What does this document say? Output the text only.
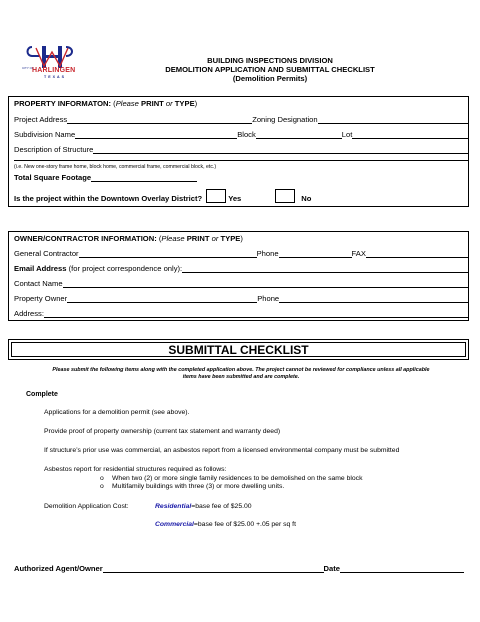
CITY OF
HARLINGEN
TEXAS
BUILDING INSPECTIONS DIVISION
DEMOLITION APPLICATION AND SUBMITTAL CHECKLIST
(Demolition Permits)
PROPERTY INFORMATON: ( Please PRINT or TYPE )
Project Address	Zoning Designation
Subdivision Name	Block	Lot
Description of Structure
(i.e. New one-story frame home, block home, commercial frame, commercial block, etc.)
Total Square Footage
Is the project within the Downtown Overlay District?	Yes	No
OWNER/CONTRACTOR INFORMATION: ( Please PRINT or TYPE )
General Contractor	Phone	FAX
Email Address (for project correspondence only):
Contact Name
Property Owner	Phone
Address:
SUBMITTAL CHECKLIST
Please submit the following items along with the completed application above. The project cannot be reviewed for compliance unless all applicable
items have been submitted and are complete.
Complete
Applications for a demolition permit (see above).
Provide proof of property ownership (current tax statement and warranty deed)
If structure’s prior use was commercial, an asbestos report from a licensed environmental company must be submitted
Asbestos report for residential structures required as follows:
o When two (2) or more single family residences to be demolished on the same block
o Multifamily buildings with three (3) or more dwelling units.
Demolition Application Cost:	Residential=base fee of $25.00
Commercial=base fee of $25.00 +.05 per sq ft
Authorized Agent/Owner	Date
